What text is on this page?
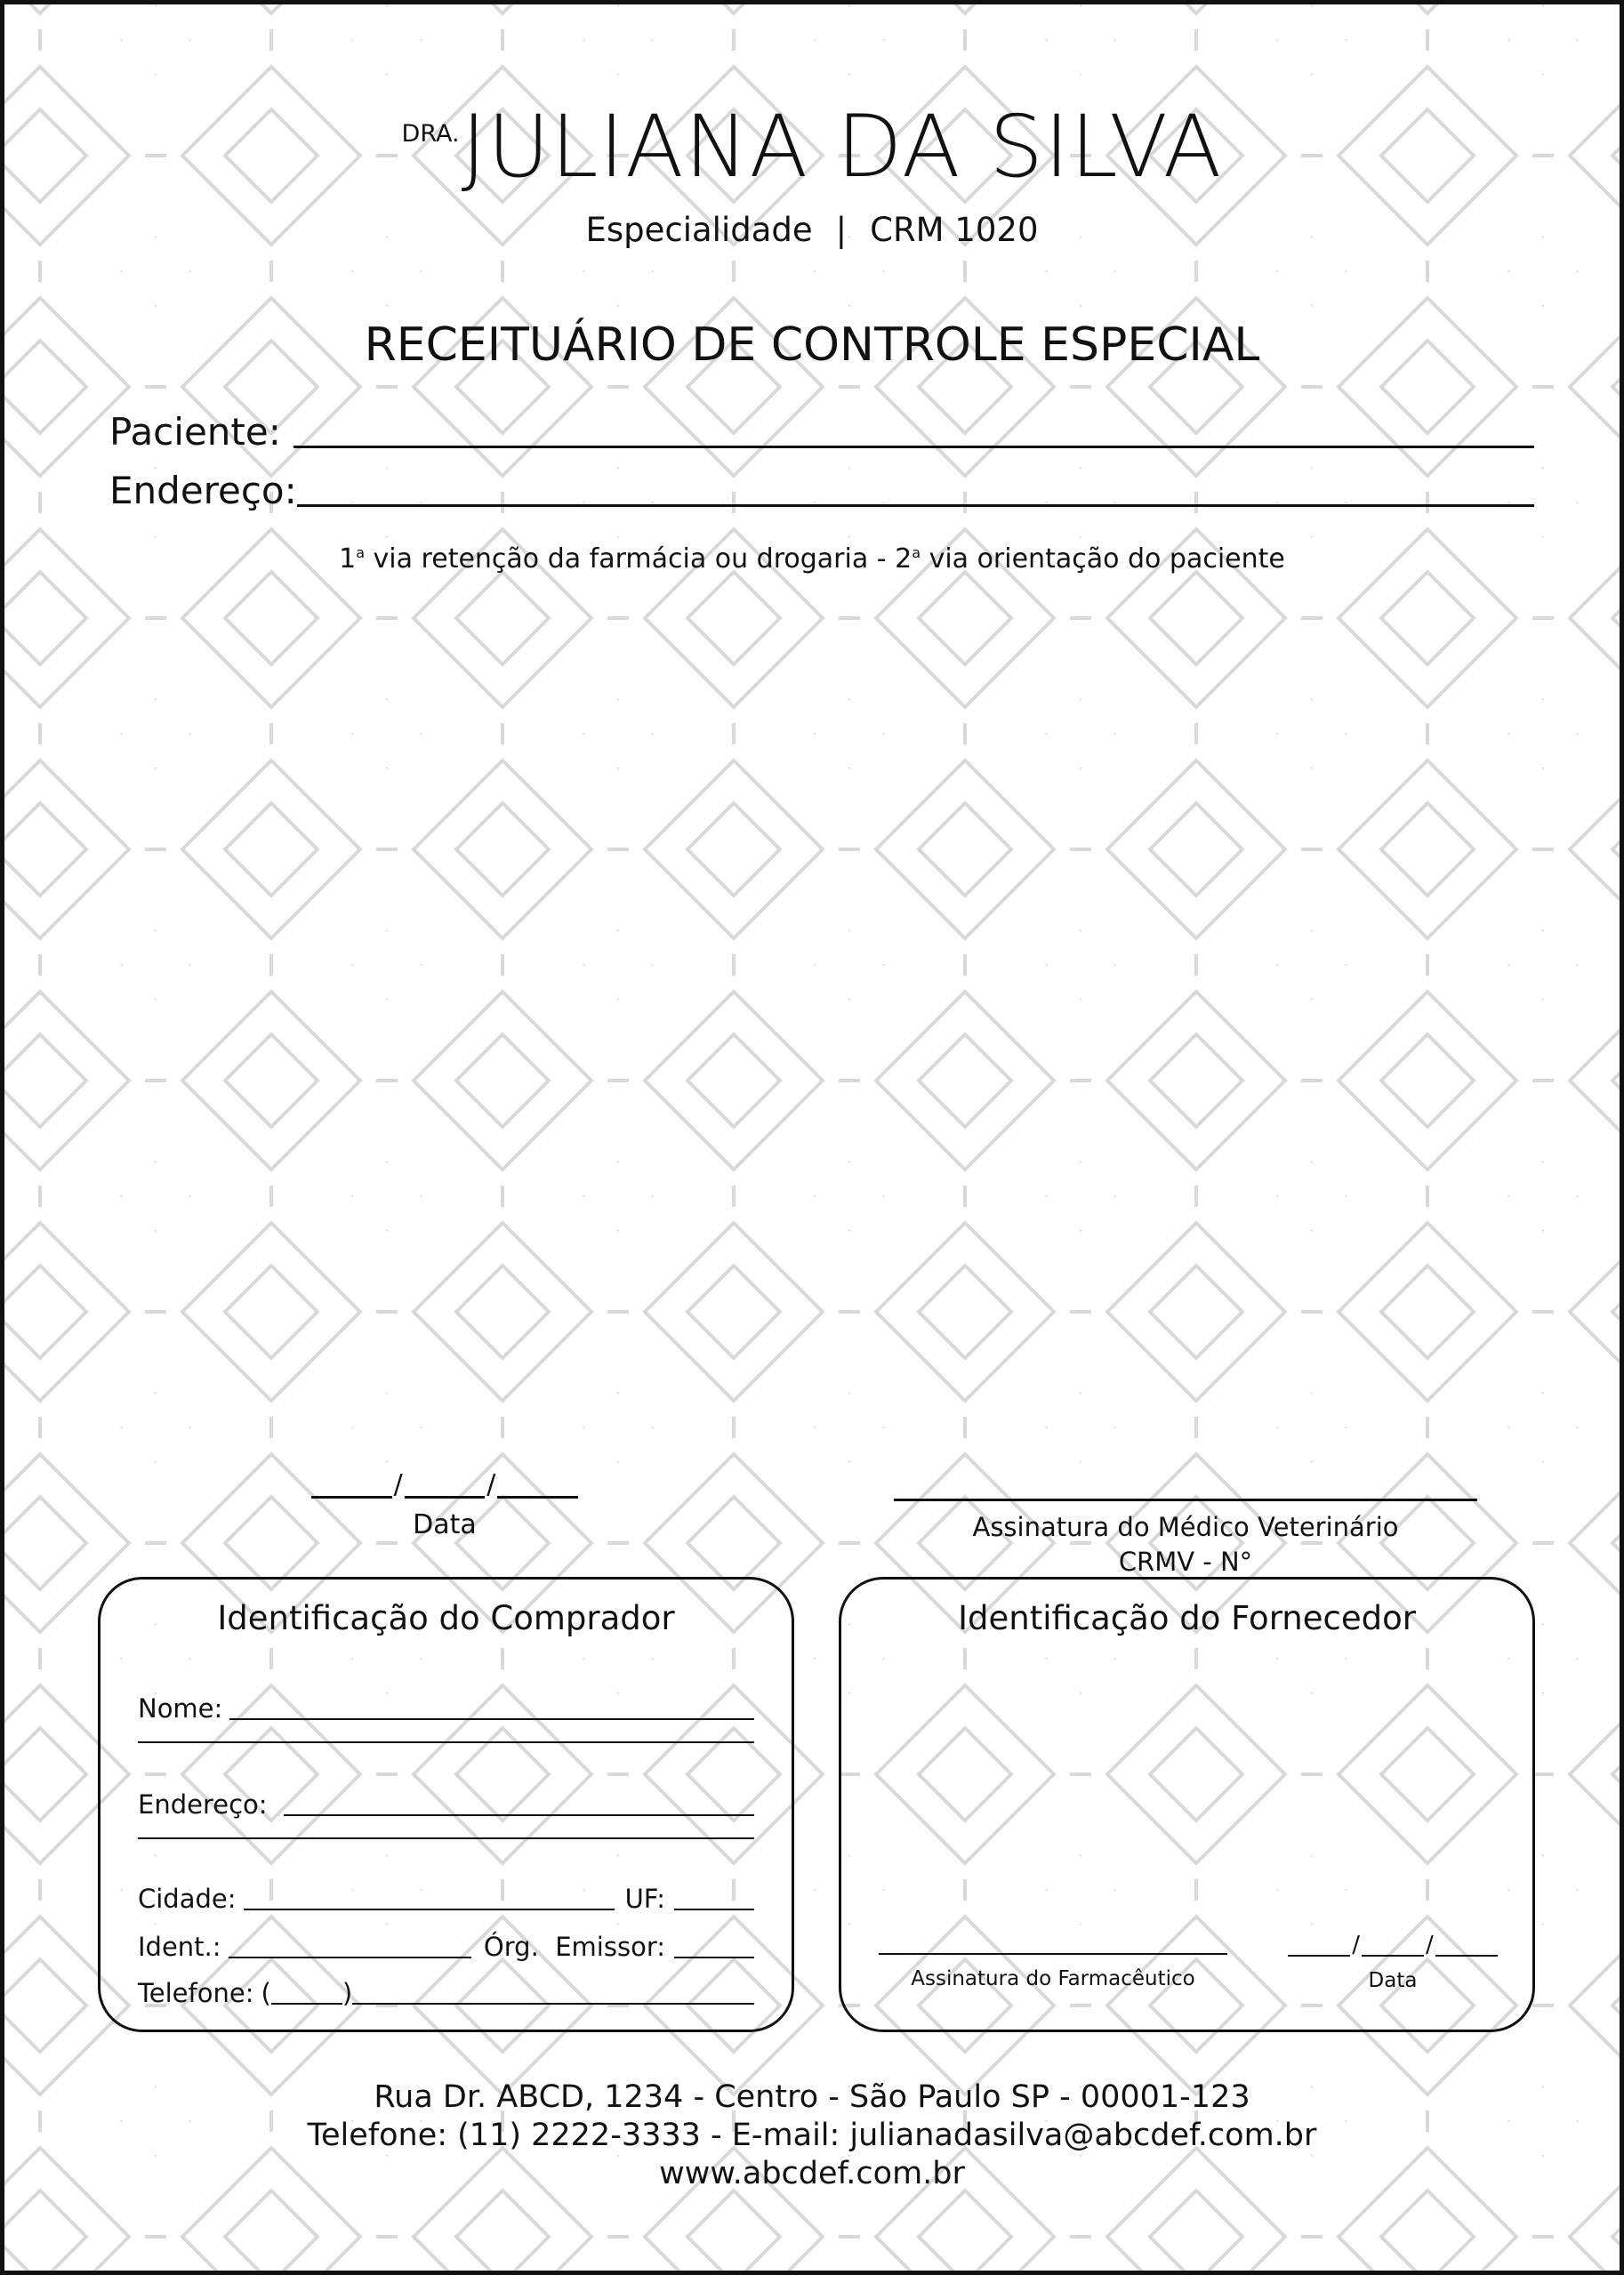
DRA.JULIANA DA SILVA
Especialidade | CRM 1020
RECEITUÁRIO DE CONTROLE ESPECIAL
Paciente:
Endereço:
1$^a$ via retenção da farmácia ou drogaria - 2$^a$ via orientação do paciente
/	/
Data	Assinatura do Médico Veterinário
CRMV - N°
Identificação do Comprador
Nome:
Endereço:
Cidade:	UF:
Ident.:	Órg.  Emissor:
Telefone: (	)
Identificação do Fornecedor
Assinatura do Farmacêutico
/	/
Data
Rua Dr. ABCD, 1234 - Centro - São Paulo SP - 00001-123
Telefone: (11) 2222-3333 - E-mail: julianadasilva@abcdef.com.br
www.abcdef.com.br
